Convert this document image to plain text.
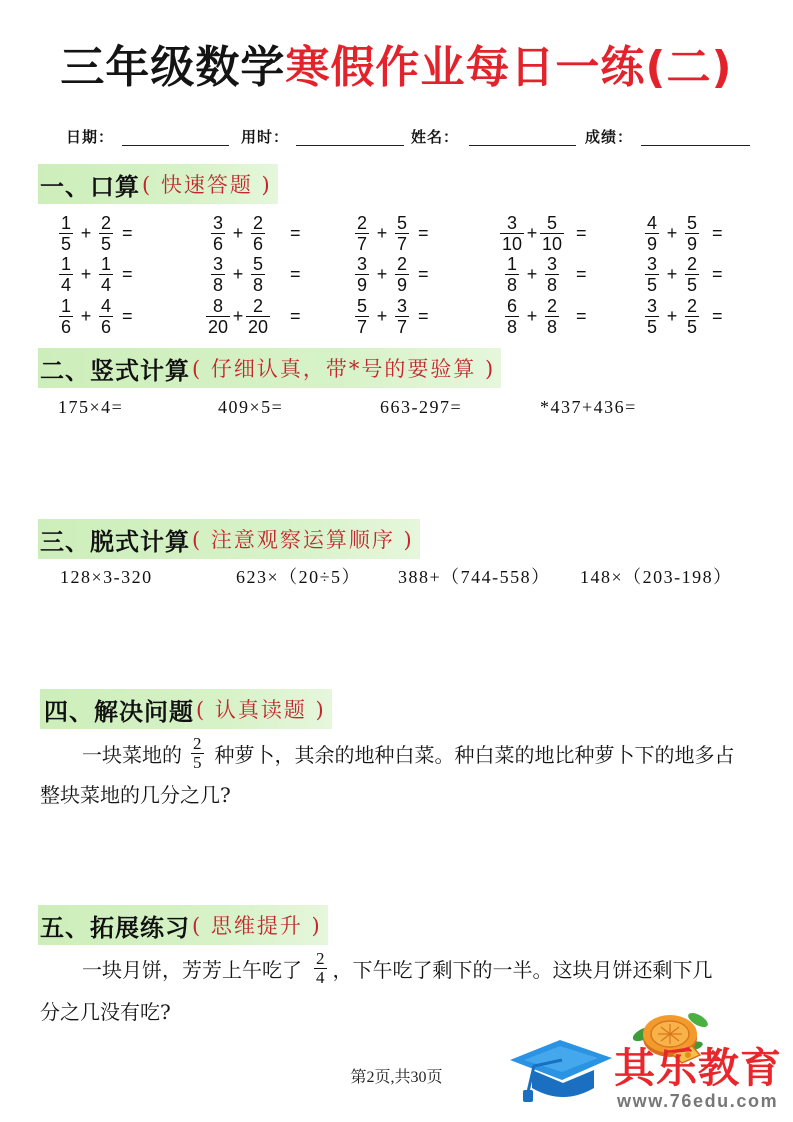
三年级数学寒假作业每日一练(二)
日期：	用时：	姓名：	成绩：
一、口算 ( 快速答题 )
$\frac{1}{5} + \frac{2}{5}$ =	$\frac{3}{6} + \frac{2}{6}$ =	$\frac{2}{7} + \frac{5}{7}$ =	$\frac{3}{10} + \frac{5}{10}$ =	$\frac{4}{9} + \frac{5}{9}$ =
$\frac{1}{4} + \frac{1}{4}$ =	$\frac{3}{8} + \frac{5}{8}$ =	$\frac{3}{9} + \frac{2}{9}$ =	$\frac{1}{8} + \frac{3}{8}$ =	$\frac{3}{5} + \frac{2}{5}$ =
$\frac{1}{6} + \frac{4}{6}$ =	$\frac{8}{20} + \frac{2}{20}$ =	$\frac{5}{7} + \frac{3}{7}$ =	$\frac{6}{8} + \frac{2}{8}$ =	$\frac{3}{5} + \frac{2}{5}$ =
二、竖式计算 ( 仔细认真，带*号的要验算 )
175×4=	409×5=	663-297=	*437+436=
三、脱式计算 ( 注意观察运算顺序 )
128×3-320	623×（20÷5） 388+（744-558） 148×（203-198）
四、解决问题 ( 认真读题 )
一块菜地的 $\frac{2}{5}$ 种萝卜，其余的地种白菜。种白菜的地比种萝卜下的地多占
整块菜地的几分之几?
五、拓展练习 ( 思维提升 )
一块月饼，芳芳上午吃了 $\frac{2}{4}$ ，下午吃了剩下的一半。这块月饼还剩下几
分之几没有吃?
第2页,共30页	其乐教育
www.76edu.com
